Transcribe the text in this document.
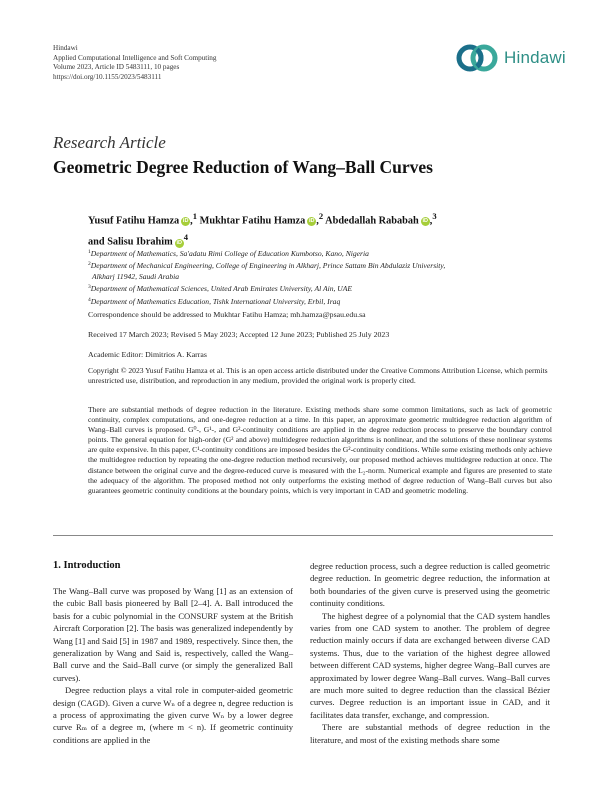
Hindawi
Applied Computational Intelligence and Soft Computing
Volume 2023, Article ID 5483111, 10 pages
https://doi.org/10.1155/2023/5483111
Hindawi
Research Article
Geometric Degree Reduction of Wang–Ball Curves
Yusuf Fatihu Hamza iD ,$^1$ Mukhtar Fatihu Hamza iD ,$^2$ Abdedallah Rababah iD ,$^3$
and Salisu Ibrahim $iD^4$
$^1$Department of Mathematics, Sa'adatu Rimi College of Education Kumbotso, Kano, Nigeria
$^2$Department of Mechanical Engineering, College of Engineering in Alkharj, Prince Sattam Bin Abdulaziz University,
Alkharj 11942, Saudi Arabia
$^3$Department of Mathematical Sciences, United Arab Emirates University, Al Ain, UAE
$^4$Department of Mathematics Education, Tishk International University, Erbil, Iraq
Correspondence should be addressed to Mukhtar Fatihu Hamza; mh.hamza@psau.edu.sa
Received 17 March 2023; Revised 5 May 2023; Accepted 12 June 2023; Published 25 July 2023
Academic Editor: Dimitrios A. Karras
Copyright © 2023 Yusuf Fatihu Hamza et al. This is an open access article distributed under the Creative Commons Attribution License, which permits unrestricted use, distribution, and reproduction in any medium, provided the original work is properly cited.
There are substantial methods of degree reduction in the literature. Existing methods share some common limitations, such as lack of geometric continuity, complex computations, and one-degree reduction at a time. In this paper, an approximate geometric multidegree reduction algorithm of Wang–Ball curves is proposed. G⁰-, G¹-, and G²-continuity conditions are applied in the degree reduction process to preserve the boundary control points. The general equation for high-order (G² and above) multidegree reduction algorithms is nonlinear, and the solutions of these nonlinear systems are quite expensive. In this paper, C¹-continuity conditions are imposed besides the G²-continuity conditions. While some existing methods only achieve the multidegree reduction by repeating the one-degree reduction method recursively, our proposed method achieves multidegree reduction at once. The distance between the original curve and the degree-reduced curve is measured with the L₂-norm. Numerical example and figures are presented to state the adequacy of the algorithm. The proposed method not only outperforms the existing method of degree reduction of Wang–Ball curves but also guarantees geometric continuity conditions at the boundary points, which is very important in CAD and geometric modeling.
1. Introduction

The Wang–Ball curve was proposed by Wang [1] as an extension of the cubic Ball basis pioneered by Ball [2–4]. A. Ball introduced the basis for a cubic polynomial in the CONSURF system at the British Aircraft Corporation [2]. The basis was generalized independently by Wang [1] and Said [5] in 1987 and 1989, respectively. Since then, the generalization by Wang and Said is, respectively, called the Wang–Ball curve and the Said–Ball curve (or simply the generalized Ball curves).

Degree reduction plays a vital role in computer-aided geometric design (CAGD). Given a curve Wₙ of a degree n, degree reduction is a process of approximating the given curve Wₙ by a lower degree curve Rₘ of a degree m, (where m < n). If geometric continuity conditions are applied in the

degree reduction process, such a degree reduction is called geometric degree reduction. In geometric degree reduction, the information at both boundaries of the given curve is preserved using the geometric continuity conditions.

The highest degree of a polynomial that the CAD system handles varies from one CAD system to another. The problem of degree reduction mainly occurs if data are exchanged between diverse CAD systems. Thus, due to the variation of the highest degree allowed between different CAD systems, higher degree Wang–Ball curves are approximated by lower degree Wang–Ball curves. Wang–Ball curves are much more suited to degree reduction than the classical Bézier curves. Degree reduction is an important issue in CAD, and it facilitates data transfer, exchange, and compression.

There are substantial methods of degree reduction in the literature, and most of the existing methods share some
